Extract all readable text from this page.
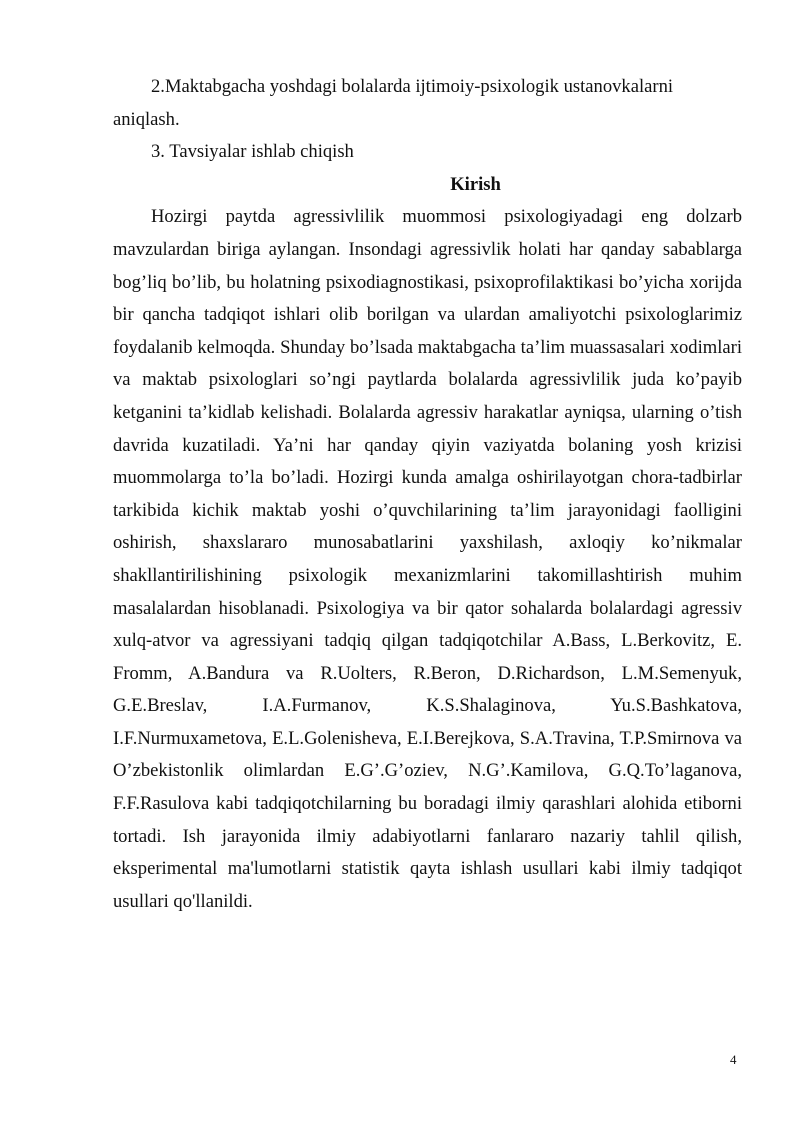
2.Maktabgacha yoshdagi bolalarda ijtimoiy-psixologik ustanovkalarni

aniqlash.

3. Tavsiyalar ishlab chiqish

Kirish

Hozirgi paytda agressivlilik muommosi psixologiyadagi eng dolzarb mavzulardan biriga aylangan. Insondagi agressivlik holati har qanday sabablarga bog’liq bo’lib, bu holatning psixodiagnostikasi, psixoprofilaktikasi bo’yicha xorijda bir qancha tadqiqot ishlari olib borilgan va ulardan amaliyotchi psixologlarimiz foydalanib kelmoqda. Shunday bo’lsada maktabgacha ta’lim muassasalari xodimlari va maktab psixologlari so’ngi paytlarda bolalarda agressivlilik juda ko’payib ketganini ta’kidlab kelishadi. Bolalarda agressiv harakatlar ayniqsa, ularning o’tish davrida kuzatiladi. Ya’ni har qanday qiyin vaziyatda bolaning yosh krizisi muommolarga to’la bo’ladi. Hozirgi kunda amalga oshirilayotgan chora-tadbirlar tarkibida kichik maktab yoshi o’quvchilarining ta’lim jarayonidagi faolligini oshirish, shaxslararo munosabatlarini yaxshilash, axloqiy ko’nikmalar shakllantirilishining psixologik mexanizmlarini takomillashtirish muhim masalalardan hisoblanadi. Psixologiya va bir qator sohalarda bolalardagi agressiv xulq-atvor va agressiyani tadqiq qilgan tadqiqotchilar A.Bass, L.Berkovitz, E. Fromm, A.Bandura va R.Uolters, R.Beron, D.Richardson, L.M.Semenyuk, G.E.Breslav, I.A.Furmanov, K.S.Shalaginova, Yu.S.Bashkatova, I.F.Nurmuxametova, E.L.Golenisheva, E.I.Berejkova, S.A.Travina, T.P.Smirnova va O’zbekistonlik olimlardan E.G’.G’oziev, N.G’.Kamilova, G.Q.To’laganova, F.F.Rasulova kabi tadqiqotchilarning bu boradagi ilmiy qarashlari alohida etiborni tortadi. Ish jarayonida ilmiy adabiyotlarni fanlararo nazariy tahlil qilish, eksperimental ma'lumotlarni statistik qayta ishlash usullari kabi ilmiy tadqiqot usullari qo'llanildi.

4
